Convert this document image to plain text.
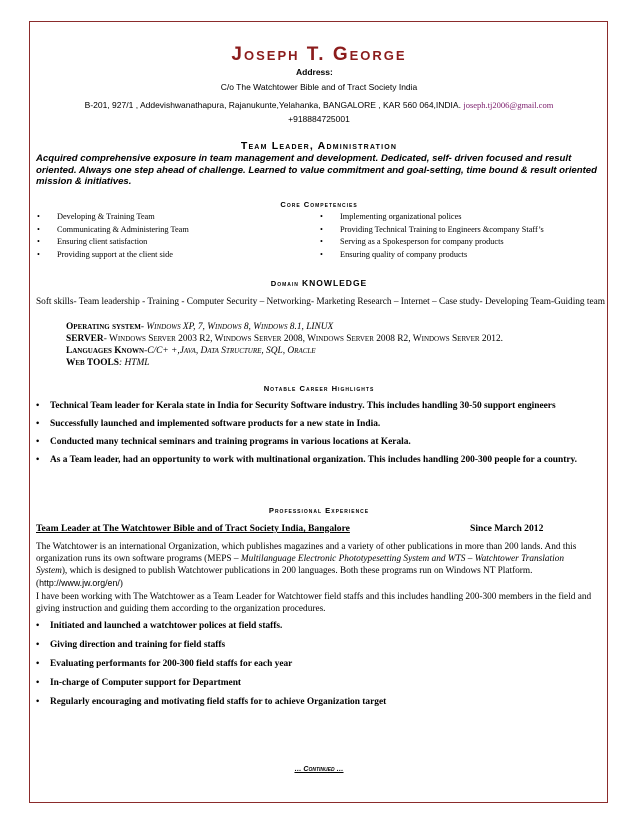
Joseph T. George
Address:
C/o The Watchtower Bible and of Tract Society India
B-201, 927/1 , Addevishwanathapura, Rajanukunte,Yelahanka, BANGALORE , KAR 560 064,INDIA. joseph.tj2006@gmail.com
+918884725001
Team Leader, Administration
Acquired comprehensive exposure in team management and development. Dedicated, self- driven focused and result oriented. Always one step ahead of challenge. Learned to value commitment and goal-setting, time bound & result oriented mission & initiatives.
Core Competencies
• Developing & Training Team
• Communicating & Administering Team
• Ensuring client satisfaction
• Providing support at the client side
• Implementing organizational polices
• Providing Technical Training to Engineers &company Staff’s
• Serving as a Spokesperson for company products
• Ensuring quality of company products
Domain KNOWLEDGE
Soft skills- Team leadership - Training - Computer Security – Networking- Marketing Research – Internet – Case study- Developing Team-Guiding team
Operating system- Windows XP, 7, Windows 8, Windows 8.1, LINUX
SERVER- Windows Server 2003 R2, Windows Server 2008, Windows Server 2008 R2, Windows Server 2012.
Languages Known-C/C+ +,Java, Data Structure, SQL, Oracle
Web TOOLS: HTML
Notable Career Highlights
• Technical Team leader for Kerala state in India for Security Software industry. This includes handling 30-50 support engineers
• Successfully launched and implemented software products for a new state in India.
• Conducted many technical seminars and training programs in various locations at Kerala.
• As a Team leader, had an opportunity to work with multinational organization. This includes handling 200-300 people for a country.
Professional Experience
Team Leader at The Watchtower Bible and of Tract Society India, Bangalore	Since March 2012
The Watchtower is an international Organization, which publishes magazines and a variety of other publications in more than 200 lands. And this organization runs its own software programs (MEPS – Multilanguage Electronic Phototypesetting System and WTS – Watchtower Translation System), which is designed to publish Watchtower publications in 200 languages. Both these programs run on Windows NT Platform. (http://www.jw.org/en/)
I have been working with The Watchtower as a Team Leader for Watchtower field staffs and this includes handling 200-300 members in the field and giving instruction and guiding them according to the organization procedures.
• Initiated and launched a watchtower polices at field staffs.
• Giving direction and training for field staffs
• Evaluating performants for 200-300 field staffs for each year
• In-charge of Computer support for Department
• Regularly encouraging and motivating field staffs for to achieve Organization target
… Continued …
